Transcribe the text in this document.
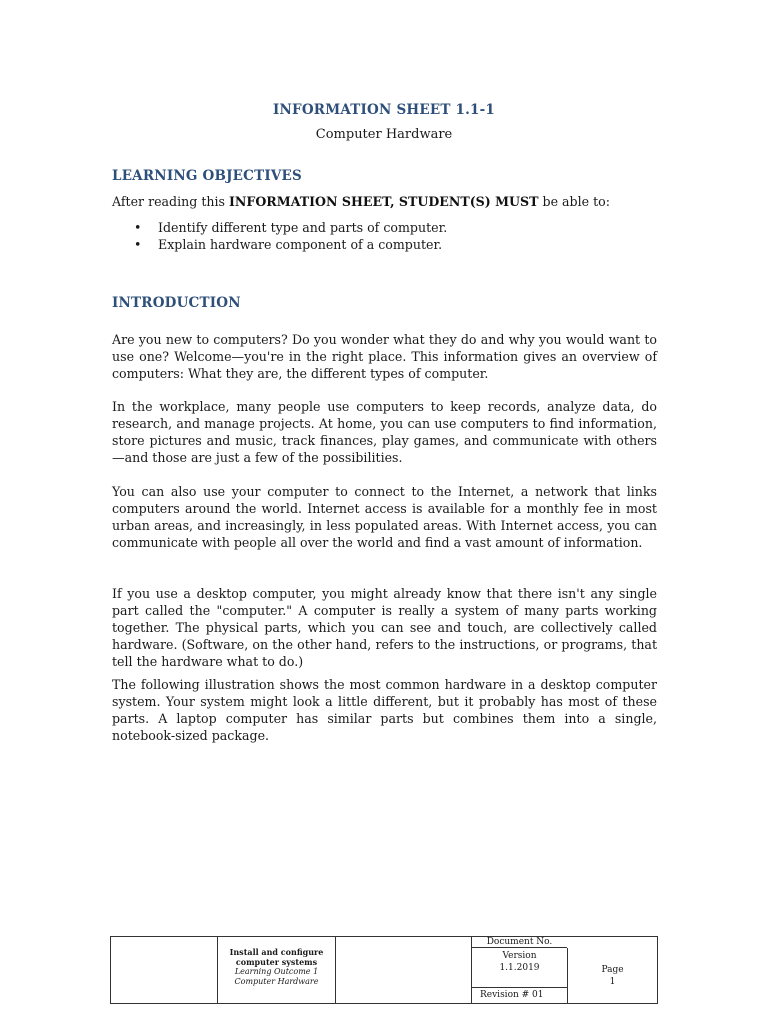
INFORMATION SHEET 1.1-1
Computer Hardware
LEARNING OBJECTIVES
After reading this INFORMATION SHEET, STUDENT(S) MUST be able to:
• Identify different type and parts of computer.
• Explain hardware component of a computer.
INTRODUCTION
Are you new to computers? Do you wonder what they do and why you would want to use one? Welcome—you're in the right place. This information gives an overview of computers: What they are, the different types of computer.
In the workplace, many people use computers to keep records, analyze data, do research, and manage projects. At home, you can use computers to find information, store pictures and music, track finances, play games, and communicate with others—and those are just a few of the possibilities.
You can also use your computer to connect to the Internet, a network that links computers around the world. Internet access is available for a monthly fee in most urban areas, and increasingly, in less populated areas. With Internet access, you can communicate with people all over the world and find a vast amount of information.
If you use a desktop computer, you might already know that there isn't any single part called the "computer." A computer is really a system of many parts working together. The physical parts, which you can see and touch, are collectively called hardware. (Software, on the other hand, refers to the instructions, or programs, that tell the hardware what to do.)
The following illustration shows the most common hardware in a desktop computer system. Your system might look a little different, but it probably has most of these parts. A laptop computer has similar parts but combines them into a single, notebook-sized package.
Install and configure
computer systems
Learning Outcome 1
Computer Hardware
Document No.
Version
1.1.2019
Revision # 01
Page
1
